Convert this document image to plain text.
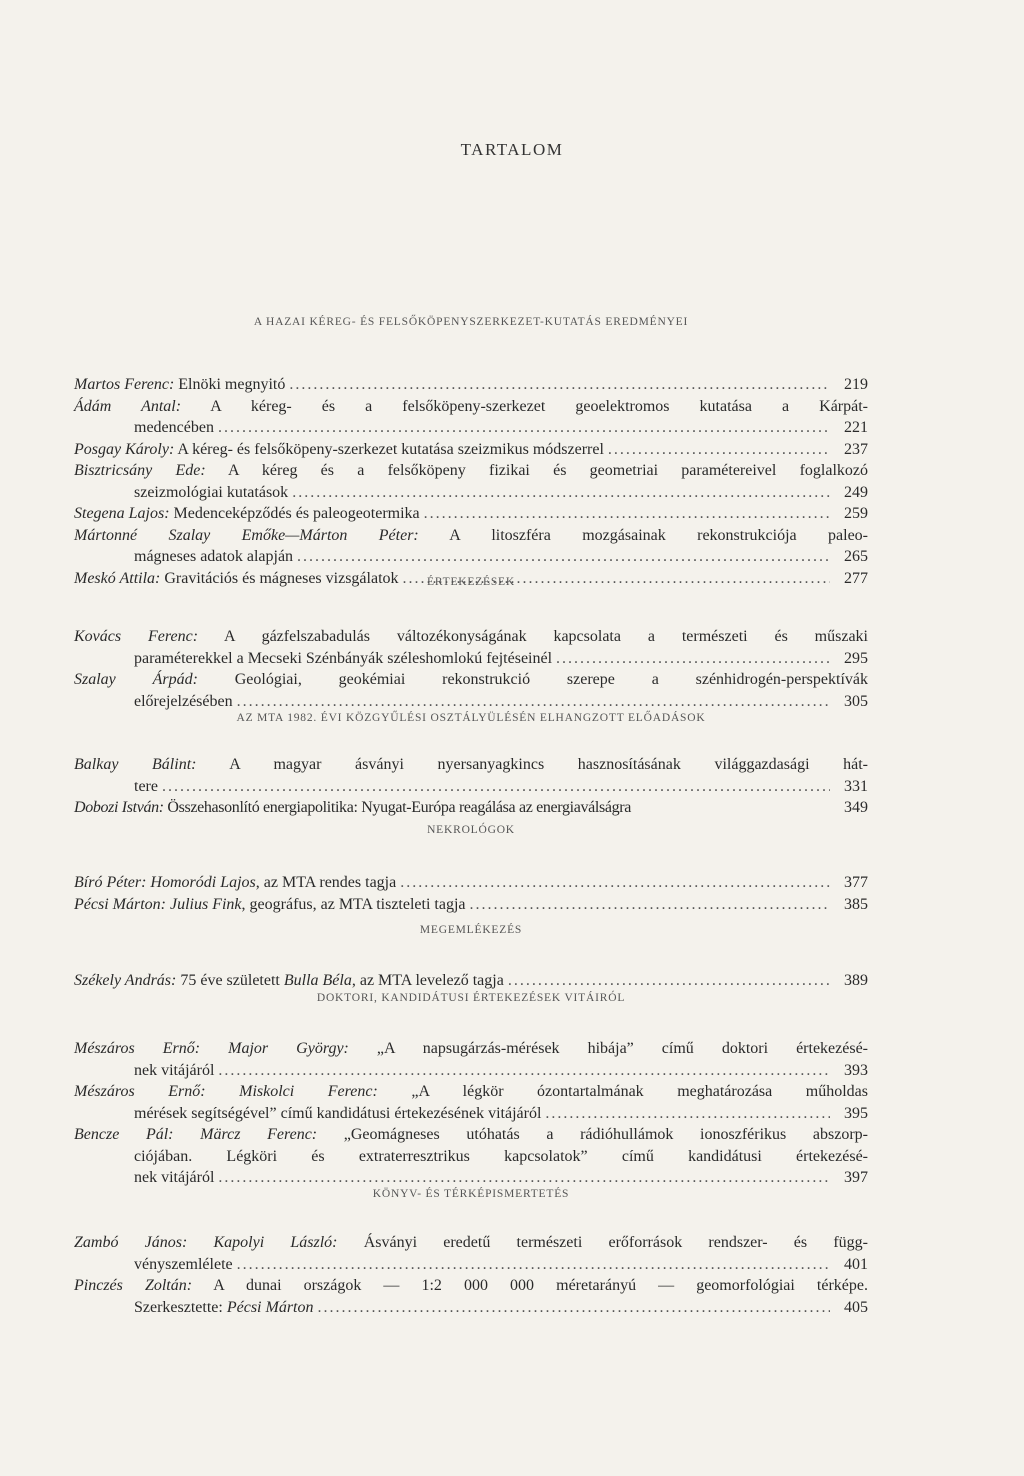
TARTALOM
A HAZAI KÉREG- ÉS FELSŐKÖPENYSZERKEZET-KUTATÁS EREDMÉNYEI
Martos Ferenc: Elnöki megnyitó .....	219
Ádám Antal: A kéreg- és a felsőköpeny-szerkezet geoelektromos kutatása a Kárpát-
medencében .....	221
Posgay Károly: A kéreg- és felsőköpeny-szerkezet kutatása szeizmikus módszerrel .....	237
Bisztricsány Ede: A kéreg és a felsőköpeny fizikai és geometriai paramétereivel foglalkozó
szeizmológiai kutatások .....	249
Stegena Lajos: Medenceképződés és paleogeotermika .....	259
Mártonné Szalay Emőke—Márton Péter: A litoszféra mozgásainak rekonstrukciója paleo-
mágneses adatok alapján .....	265
Meskó Attila: Gravitációs és mágneses vizsgálatok .....	277
ÉRTEKEZÉSEK
Kovács Ferenc: A gázfelszabadulás változékonyságának kapcsolata a természeti és műszaki
paraméterekkel a Mecseki Szénbányák széleshomlokú fejtéseinél .....	295
Szalay Árpád: Geológiai, geokémiai rekonstrukció szerepe a szénhidrogén-perspektívák
előrejelzésében .....	305
AZ MTA 1982. ÉVI KÖZGYŰLÉSI OSZTÁLYÜLÉSÉN ELHANGZOTT ELŐADÁSOK
Balkay Bálint: A magyar ásványi nyersanyagkincs hasznosításának világgazdasági hát-
tere .....	331
Dobozi István: Összehasonlító energiapolitika: Nyugat-Európa reagálása az energiaválságra	349
NEKROLÓGOK
Bíró Péter: Homoródi Lajos, az MTA rendes tagja .....	377
Pécsi Márton: Julius Fink, geográfus, az MTA tiszteleti tagja .....	385
MEGEMLÉKEZÉS
Székely András: 75 éve született Bulla Béla, az MTA levelező tagja .....	389
DOKTORI, KANDIDÁTUSI ÉRTEKEZÉSEK VITÁIRÓL
Mészáros Ernő: Major György: „A napsugárzás-mérések hibája” című doktori értekezésé-
nek vitájáról .....	393
Mészáros Ernő: Miskolci Ferenc: „A légkör ózontartalmának meghatározása műholdas
mérések segítségével” című kandidátusi értekezésének vitájáról .....	395
Bencze Pál: Märcz Ferenc: „Geomágneses utóhatás a rádióhullámok ionoszférikus abszorp-
ciójában. Légköri és extraterresztrikus kapcsolatok” című kandidátusi értekezésé-
nek vitájáról .....	397
KÖNYV- ÉS TÉRKÉPISMERTETÉS
Zambó János: Kapolyi László: Ásványi eredetű természeti erőforrások rendszer- és függ-
vényszemlélete .....	401
Pinczés Zoltán: A dunai országok — 1:2 000 000 méretarányú — geomorfológiai térképe.
Szerkesztette: Pécsi Márton .....	405
